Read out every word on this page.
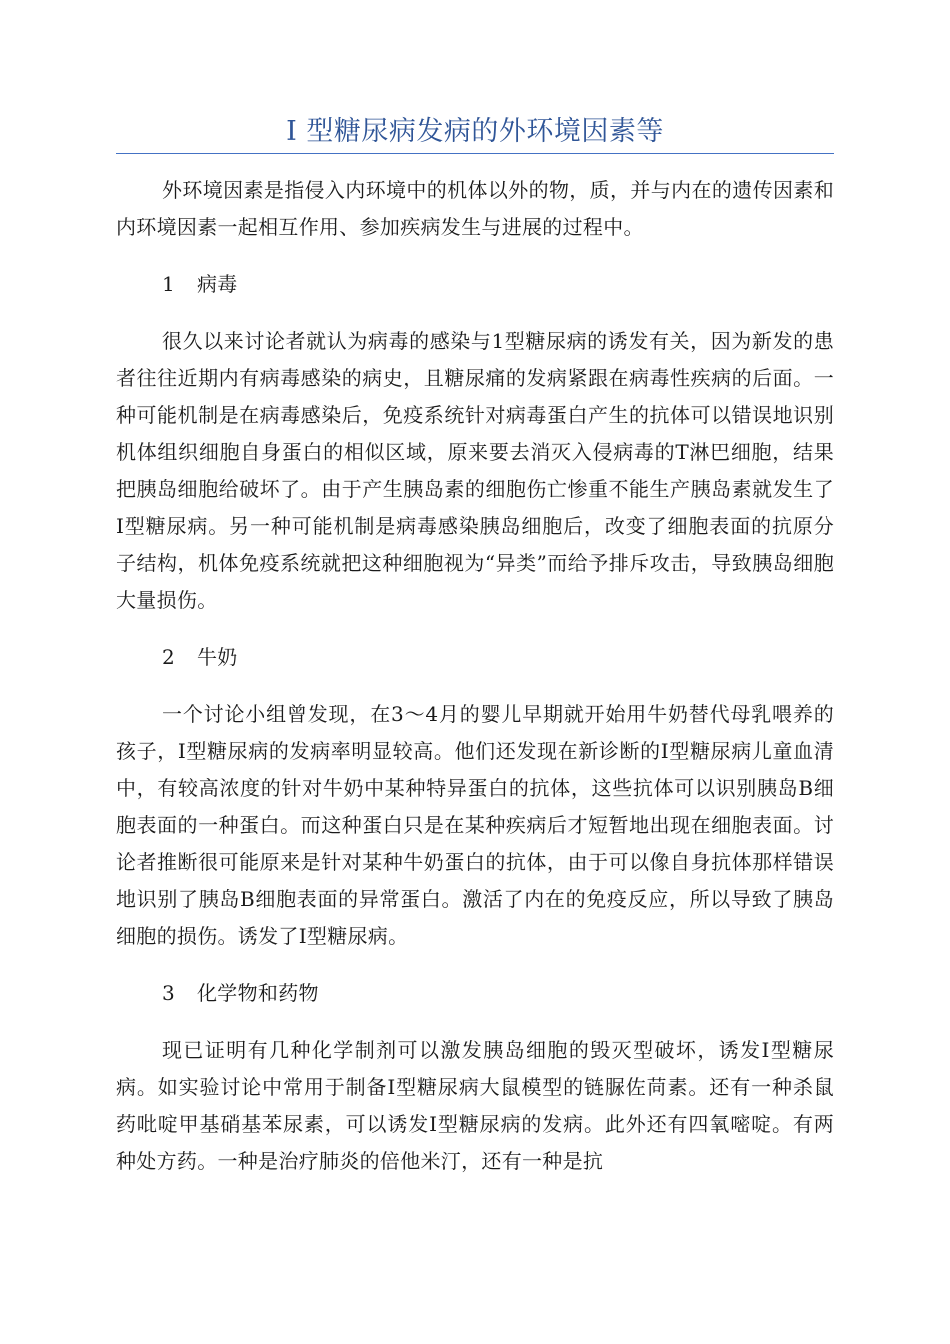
Ⅰ 型糖尿病发病的外环境因素等

外环境因素是指侵入内环境中的机体以外的物，质，并与内在的遗传因素和内环境因素一起相互作用、参加疾病发生与进展的过程中。

1 病毒

很久以来讨论者就认为病毒的感染与1型糖尿病的诱发有关，因为新发的患者往往近期内有病毒感染的病史，且糖尿痛的发病紧跟在病毒性疾病的后面。一种可能机制是在病毒感染后，免疫系统针对病毒蛋白产生的抗体可以错误地识别机体组织细胞自身蛋白的相似区域，原来要去消灭入侵病毒的T淋巴细胞，结果把胰岛细胞给破坏了。由于产生胰岛素的细胞伤亡惨重不能生产胰岛素就发生了Ⅰ型糖尿病。另一种可能机制是病毒感染胰岛细胞后，改变了细胞表面的抗原分子结构，机体免疫系统就把这种细胞视为“异类”而给予排斥攻击，导致胰岛细胞大量损伤。

2 牛奶

一个讨论小组曾发现，在3～4月的婴儿早期就开始用牛奶替代母乳喂养的孩子，Ⅰ型糖尿病的发病率明显较高。他们还发现在新诊断的Ⅰ型糖尿病儿童血清中，有较高浓度的针对牛奶中某种特异蛋白的抗体，这些抗体可以识别胰岛B细胞表面的一种蛋白。而这种蛋白只是在某种疾病后才短暂地出现在细胞表面。讨论者推断很可能原来是针对某种牛奶蛋白的抗体，由于可以像自身抗体那样错误地识别了胰岛B细胞表面的异常蛋白。激活了内在的免疫反应，所以导致了胰岛细胞的损伤。诱发了Ⅰ型糖尿病。

3 化学物和药物

现已证明有几种化学制剂可以激发胰岛细胞的毁灭型破坏，诱发Ⅰ型糖尿病。如实验讨论中常用于制备Ⅰ型糖尿病大鼠模型的链脲佐苘素。还有一种杀鼠药吡啶甲基硝基苯尿素，可以诱发Ⅰ型糖尿病的发病。此外还有四氧嘧啶。有两种处方药。一种是治疗肺炎的倍他米汀，还有一种是抗
